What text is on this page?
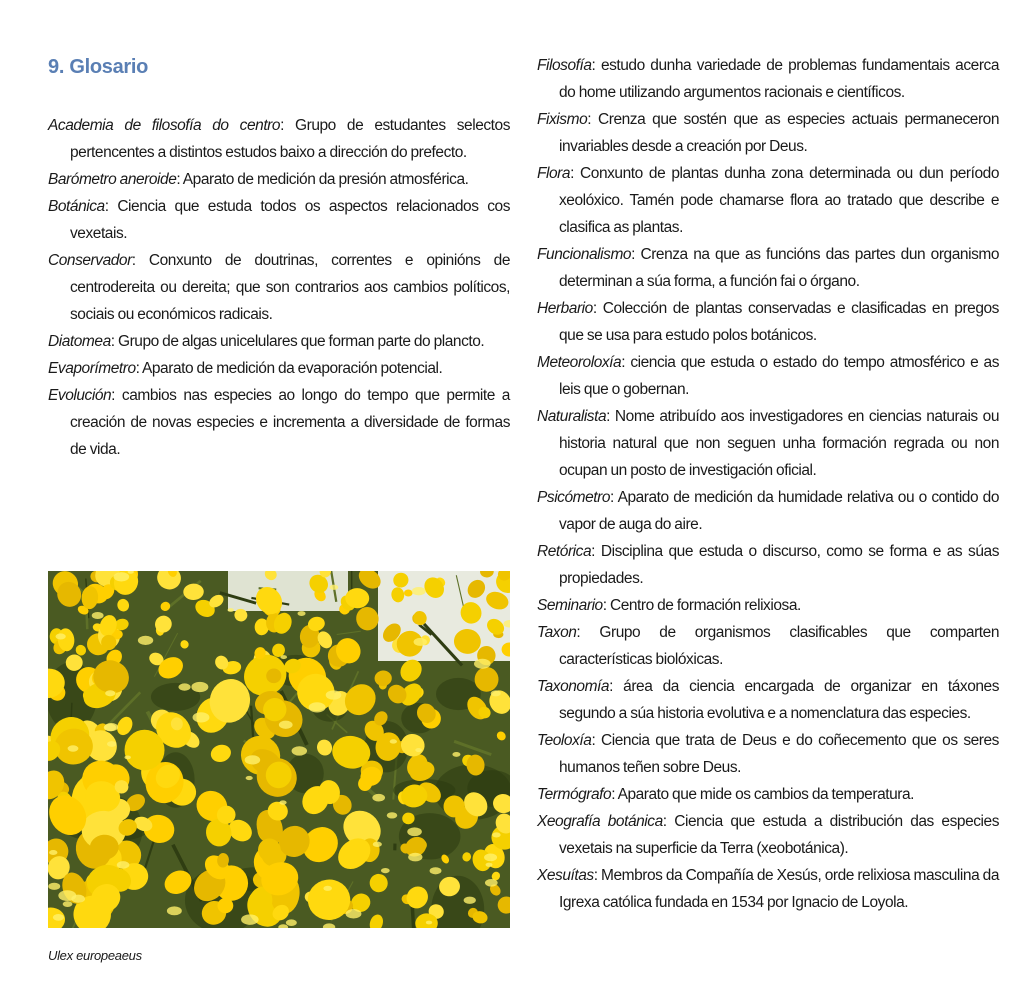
9. Glosario

Academia de filosofía do centro: Grupo de estudantes selectos pertencentes a distintos estudos baixo a dirección do prefecto.

Barómetro aneroide: Aparato de medición da presión atmosférica.

Botánica: Ciencia que estuda todos os aspectos relacionados cos vexetais.

Conservador: Conxunto de doutrinas, correntes e opinións de centrodereita ou dereita; que son contrarios aos cambios políticos, sociais ou económicos radicais.

Diatomea: Grupo de algas unicelulares que forman parte do plancto.

Evaporímetro: Aparato de medición da evaporación potencial.

Evolución: cambios nas especies ao longo do tempo que permite a creación de novas especies e incrementa a diversidade de formas de vida.

Filosofía: estudo dunha variedade de problemas fundamentais acerca do home utilizando argumentos racionais e científicos.

Fixismo: Crenza que sostén que as especies actuais permaneceron invariables desde a creación por Deus.

Flora: Conxunto de plantas dunha zona determinada ou dun período xeolóxico. Tamén pode chamarse flora ao tratado que describe e clasifica as plantas.

Funcionalismo: Crenza na que as funcións das partes dun organismo determinan a súa forma, a función fai o órgano.

Herbario: Colección de plantas conservadas e clasificadas en pregos que se usa para estudo polos botánicos.

Meteoroloxía: ciencia que estuda o estado do tempo atmosférico e as leis que o gobernan.

Naturalista: Nome atribuído aos investigadores en ciencias naturais ou historia natural que non seguen unha formación regrada ou non ocupan un posto de investigación oficial.

Psicómetro: Aparato de medición da humidade relativa ou o contido do vapor de auga do aire.

Retórica: Disciplina que estuda o discurso, como se forma e as súas propiedades.

Seminario: Centro de formación relixiosa.

Taxon: Grupo de organismos clasificables que comparten características biolóxicas.

Taxonomía: área da ciencia encargada de organizar en táxones segundo a súa historia evolutiva e a nomenclatura das especies.

Teoloxía: Ciencia que trata de Deus e do coñecemento que os seres humanos teñen sobre Deus.

Termógrafo: Aparato que mide os cambios da temperatura.

Xeografía botánica: Ciencia que estuda a distribución das especies vexetais na superficie da Terra (xeobotánica).

Xesuítas: Membros da Compañía de Xesús, orde relixiosa masculina da Igrexa católica fundada en 1534 por Ignacio de Loyola.

Ulex europeaeus
